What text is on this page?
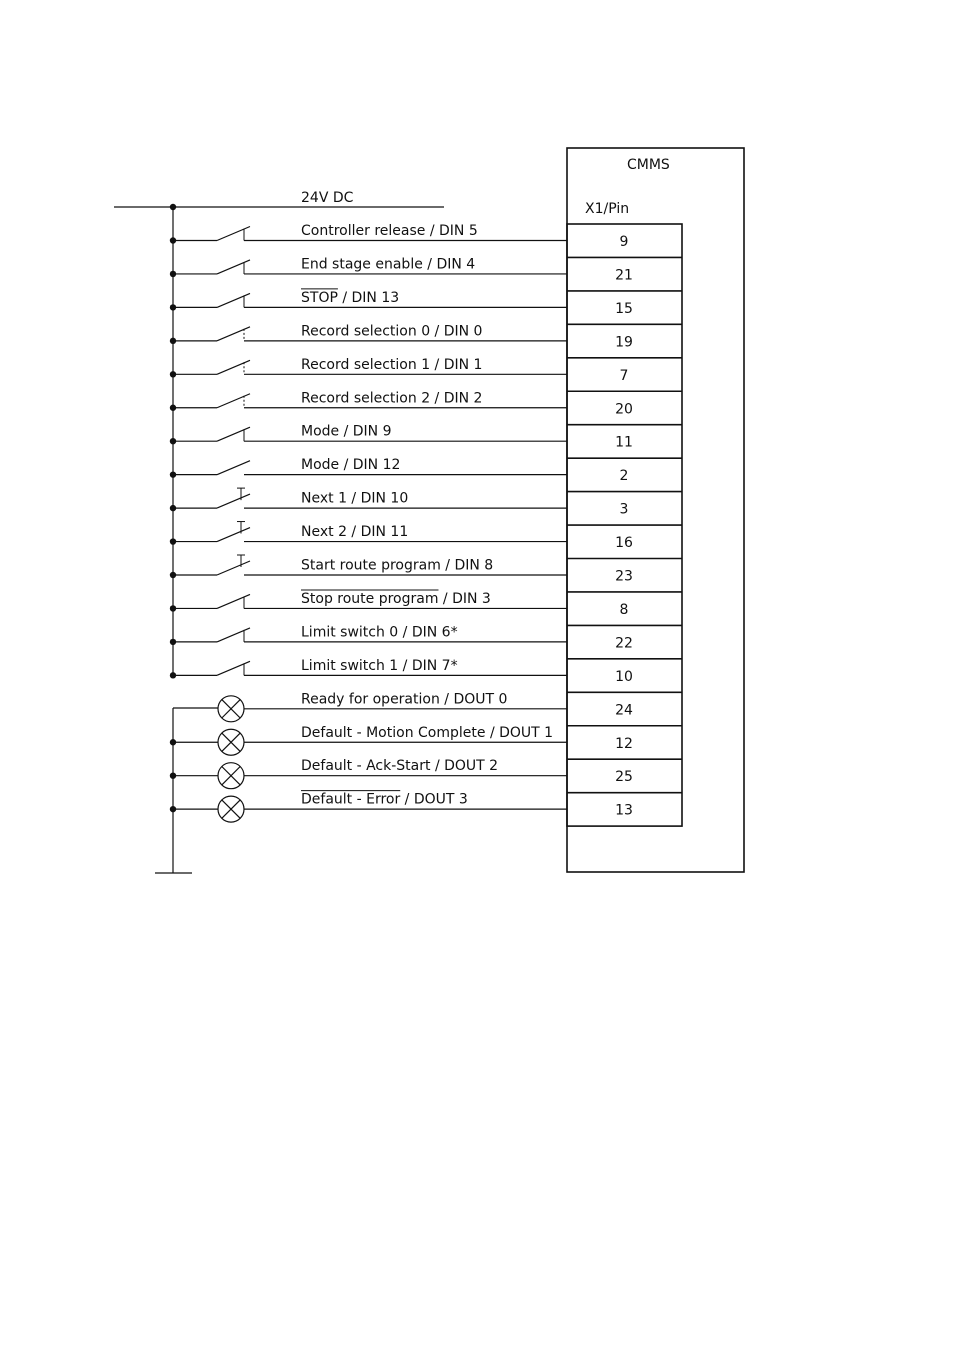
CMMS
X1/Pin
24V DC
Controller release / DIN 5
End stage enable / DIN 4
STOP / DIN 13
Record selection 0 / DIN 0
Record selection 1 / DIN 1
Record selection 2 / DIN 2
Mode / DIN 9
Mode / DIN 12
Next 1 / DIN 10
Next 2 / DIN 11
Start route program / DIN 8
Stop route program / DIN 3
Limit switch 0 / DIN 6*
Limit switch 1 / DIN 7*
Ready for operation / DOUT 0
Default - Motion Complete / DOUT 1
Default - Ack-Start / DOUT 2
Default - Error / DOUT 3
9
21
15
19
7
20
11
2
3
16
23
8
22
10
24
12
25
13
